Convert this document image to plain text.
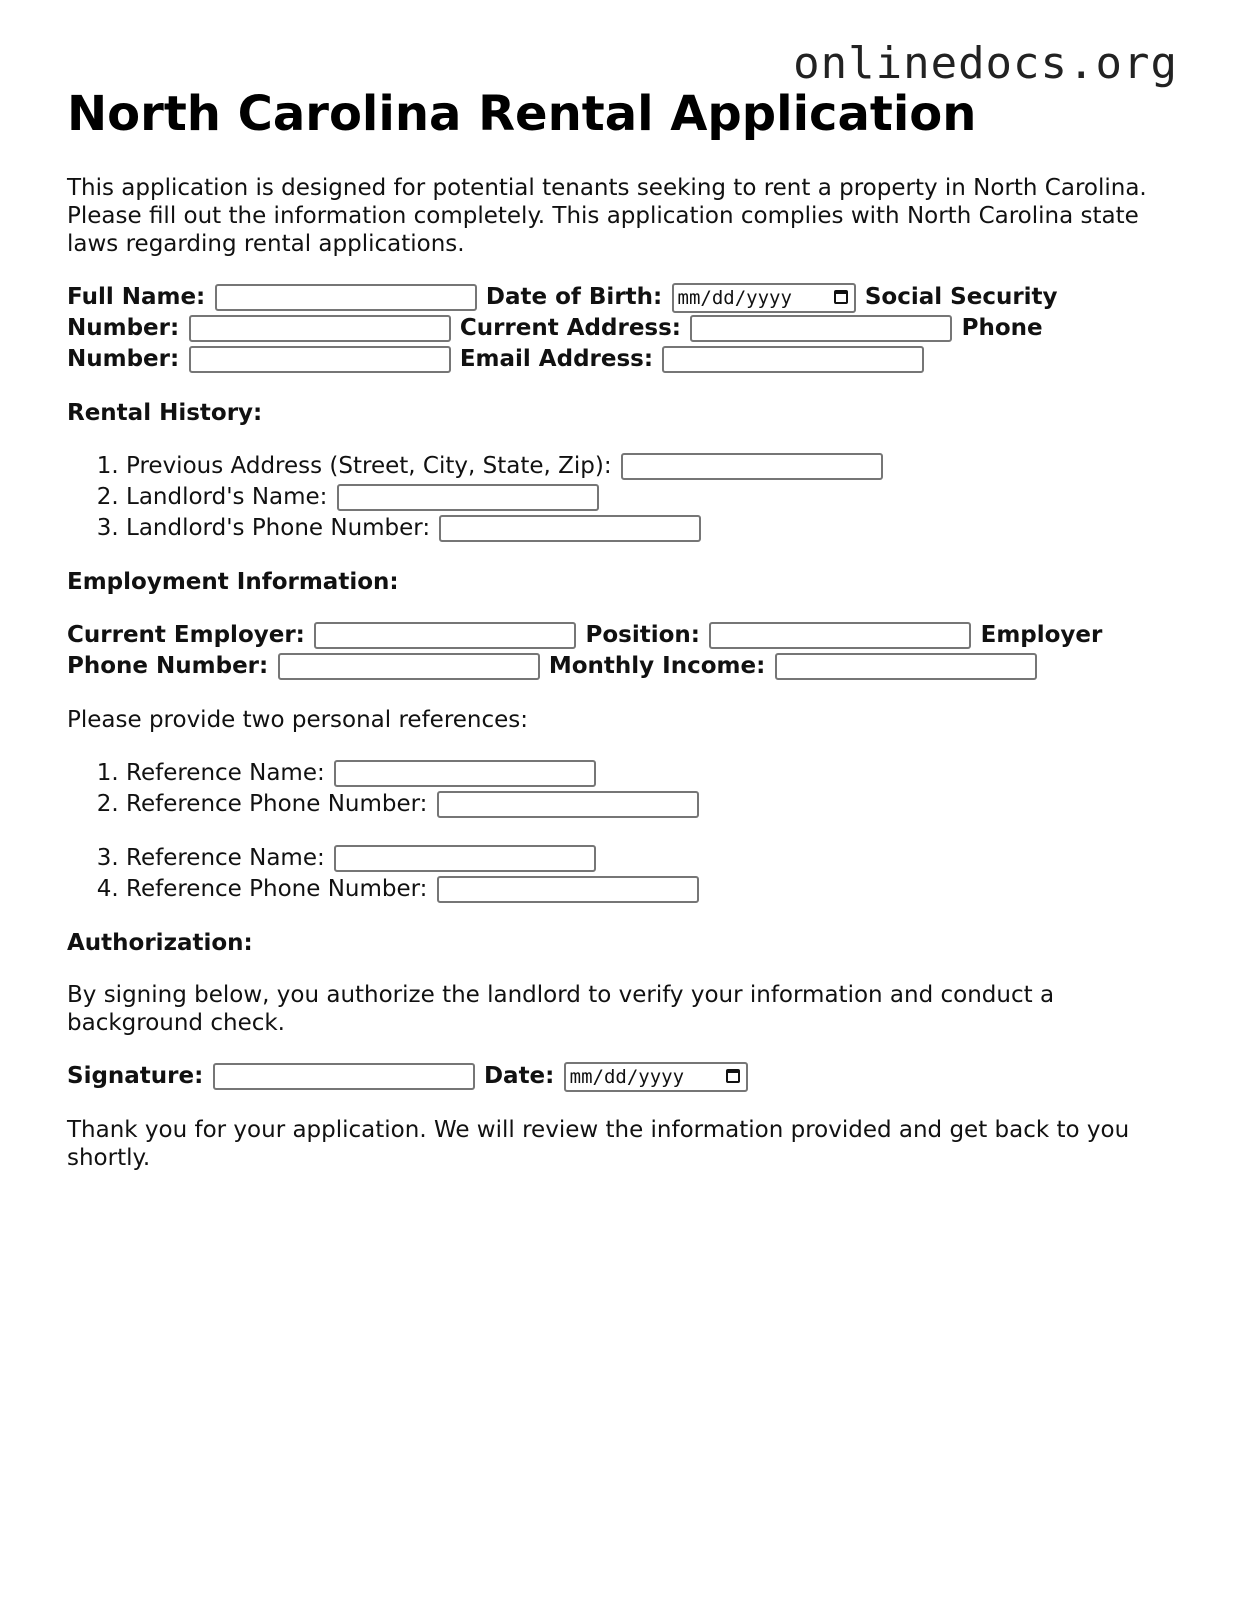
onlinedocs.org
North Carolina Rental Application

This application is designed for potential tenants seeking to rent a property in North Carolina. Please fill out the information completely. This application complies with North Carolina state laws regarding rental applications.

Full Name:	Date of Birth: mm/dd/yyyy	Social Security Number:	Current Address:	Phone Number:	Email Address:
Rental History:
1. Previous Address (Street, City, State, Zip):
2. Landlord's Name:
3. Landlord's Phone Number:
Employment Information:
Current Employer:	Position:	Employer Phone Number:	Monthly Income:

Please provide two personal references:

1. Reference Name:
2. Reference Phone Number:
3. Reference Name:
4. Reference Phone Number:
Authorization:

By signing below, you authorize the landlord to verify your information and conduct a background check.

Signature:	Date: mm/dd/yyyy

Thank you for your application. We will review the information provided and get back to you shortly.
